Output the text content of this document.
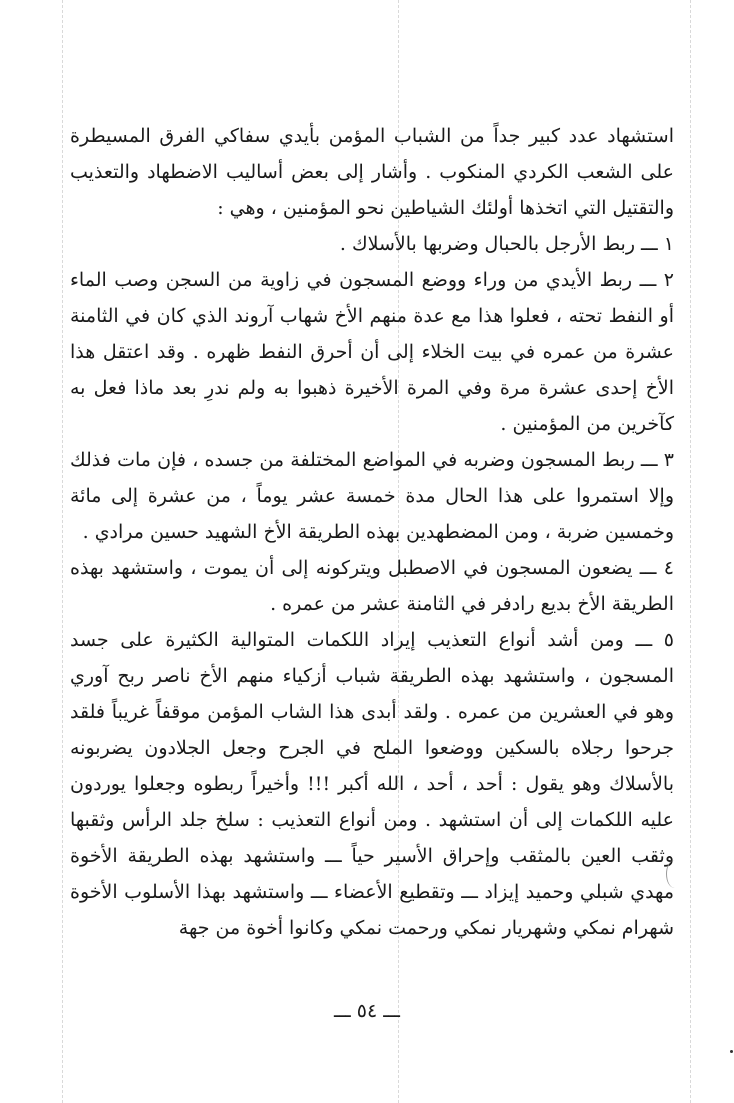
استشهاد عدد كبير جداً من الشباب المؤمن بأيدي سفاكي الفرق المسيطرة على الشعب الكردي المنكوب . وأشار إلى بعض أساليب الاضطهاد والتعذيب والتقتيل التي اتخذها أولئك الشياطين نحو المؤمنين ، وهي :

١ ـــ ربط الأرجل بالحبال وضربها بالأسلاك .

٢ ـــ ربط الأيدي من وراء ووضع المسجون في زاوية من السجن وصب الماء أو النفط تحته ، فعلوا هذا مع عدة منهم الأخ شهاب آروند الذي كان في الثامنة عشرة من عمره في بيت الخلاء إلى أن أحرق النفط ظهره . وقد اعتقل هذا الأخ إحدى عشرة مرة وفي المرة الأخيرة ذهبوا به ولم ندرِ بعد ماذا فعل به كآخرين من المؤمنين .

٣ ـــ ربط المسجون وضربه في المواضع المختلفة من جسده ، فإن مات فذلك وإلا استمروا على هذا الحال مدة خمسة عشر يوماً ، من عشرة إلى مائة وخمسين ضربة ، ومن المضطهدين بهذه الطريقة الأخ الشهيد حسين مرادي .

٤ ـــ يضعون المسجون في الاصطبل ويتركونه إلى أن يموت ، واستشهد بهذه الطريقة الأخ بديع رادفر في الثامنة عشر من عمره .

٥ ـــ ومن أشد أنواع التعذيب إيراد اللكمات المتوالية الكثيرة على جسد المسجون ، واستشهد بهذه الطريقة شباب أزكياء منهم الأخ ناصر ربح آوري وهو في العشرين من عمره . ولقد أبدى هذا الشاب المؤمن موقفاً غريباً فلقد جرحوا رجلاه بالسكين ووضعوا الملح في الجرح وجعل الجلادون يضربونه بالأسلاك وهو يقول : أحد ، أحد ، الله أكبر !!! وأخيراً ربطوه وجعلوا يوردون عليه اللكمات إلى أن استشهد . ومن أنواع التعذيب : سلخ جلد الرأس وثقبها وثقب العين بالمثقب وإحراق الأسير حياً ـــ واستشهد بهذه الطريقة الأخوة مهدي شبلي وحميد إيزاد ـــ وتقطيع الأعضاء ـــ واستشهد بهذا الأسلوب الأخوة شهرام نمكي وشهريار نمكي ورحمت نمكي وكانوا أخوة من جهة

ـــ ٥٤ ـــ
